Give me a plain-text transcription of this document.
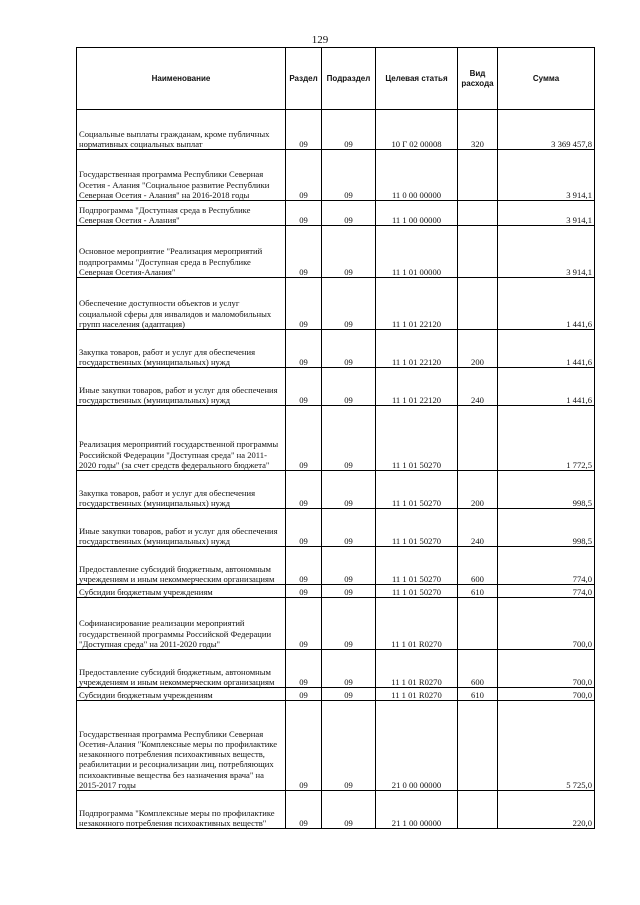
129
Наименование	Раздел	Подраздел	Целевая статья	Вид расхода	Сумма
Социальные выплаты гражданам, кроме публичных нормативных социальных выплат	09	09	10 Г 02 00008	320	3 369 457,8
Государственная программа Республики Северная Осетия - Алания "Социальное развитие Республики Северная Осетия - Алания" на 2016-2018 годы	09	09	11 0 00 00000		3 914,1
Подпрограмма "Доступная среда в Республике Северная Осетия - Алания"	09	09	11 1 00 00000		3 914,1
Основное мероприятие "Реализация мероприятий подпрограммы "Доступная среда в Республике Северная Осетия-Алания"	09	09	11 1 01 00000		3 914,1
Обеспечение доступности объектов и услуг социальной сферы для инвалидов и маломобильных групп населения (адаптация)	09	09	11 1 01 22120		1 441,6
Закупка товаров, работ и услуг для обеспечения государственных (муниципальных) нужд	09	09	11 1 01 22120	200	1 441,6
Иные закупки товаров, работ и услуг для обеспечения государственных (муниципальных) нужд	09	09	11 1 01 22120	240	1 441,6
Реализация мероприятий государственной программы Российской Федерации "Доступная среда" на 2011-2020 годы" (за счет средств федерального бюджета"	09	09	11 1 01 50270		1 772,5
Закупка товаров, работ и услуг для обеспечения государственных (муниципальных) нужд	09	09	11 1 01 50270	200	998,5
Иные закупки товаров, работ и услуг для обеспечения государственных (муниципальных) нужд	09	09	11 1 01 50270	240	998,5
Предоставление субсидий бюджетным, автономным учреждениям и иным некоммерческим организациям	09	09	11 1 01 50270	600	774,0
Субсидии бюджетным учреждениям	09	09	11 1 01 50270	610	774,0
Софинансирование реализации мероприятий государственной программы Российской Федерации "Доступная среда" на 2011-2020 годы"	09	09	11 1 01 R0270		700,0
Предоставление субсидий бюджетным, автономным учреждениям и иным некоммерческим организациям	09	09	11 1 01 R0270	600	700,0
Субсидии бюджетным учреждениям	09	09	11 1 01 R0270	610	700,0
Государственная программа Республики Северная Осетия-Алания "Комплексные меры по профилактике незаконного потребления психоактивных веществ, реабилитации и ресоциализации лиц, потребляющих психоактивные вещества без назначения врача" на 2015-2017 годы	09	09	21 0 00 00000		5 725,0
Подпрограмма "Комплексные меры по профилактике незаконного потребления психоактивных веществ"	09	09	21 1 00 00000		220,0
